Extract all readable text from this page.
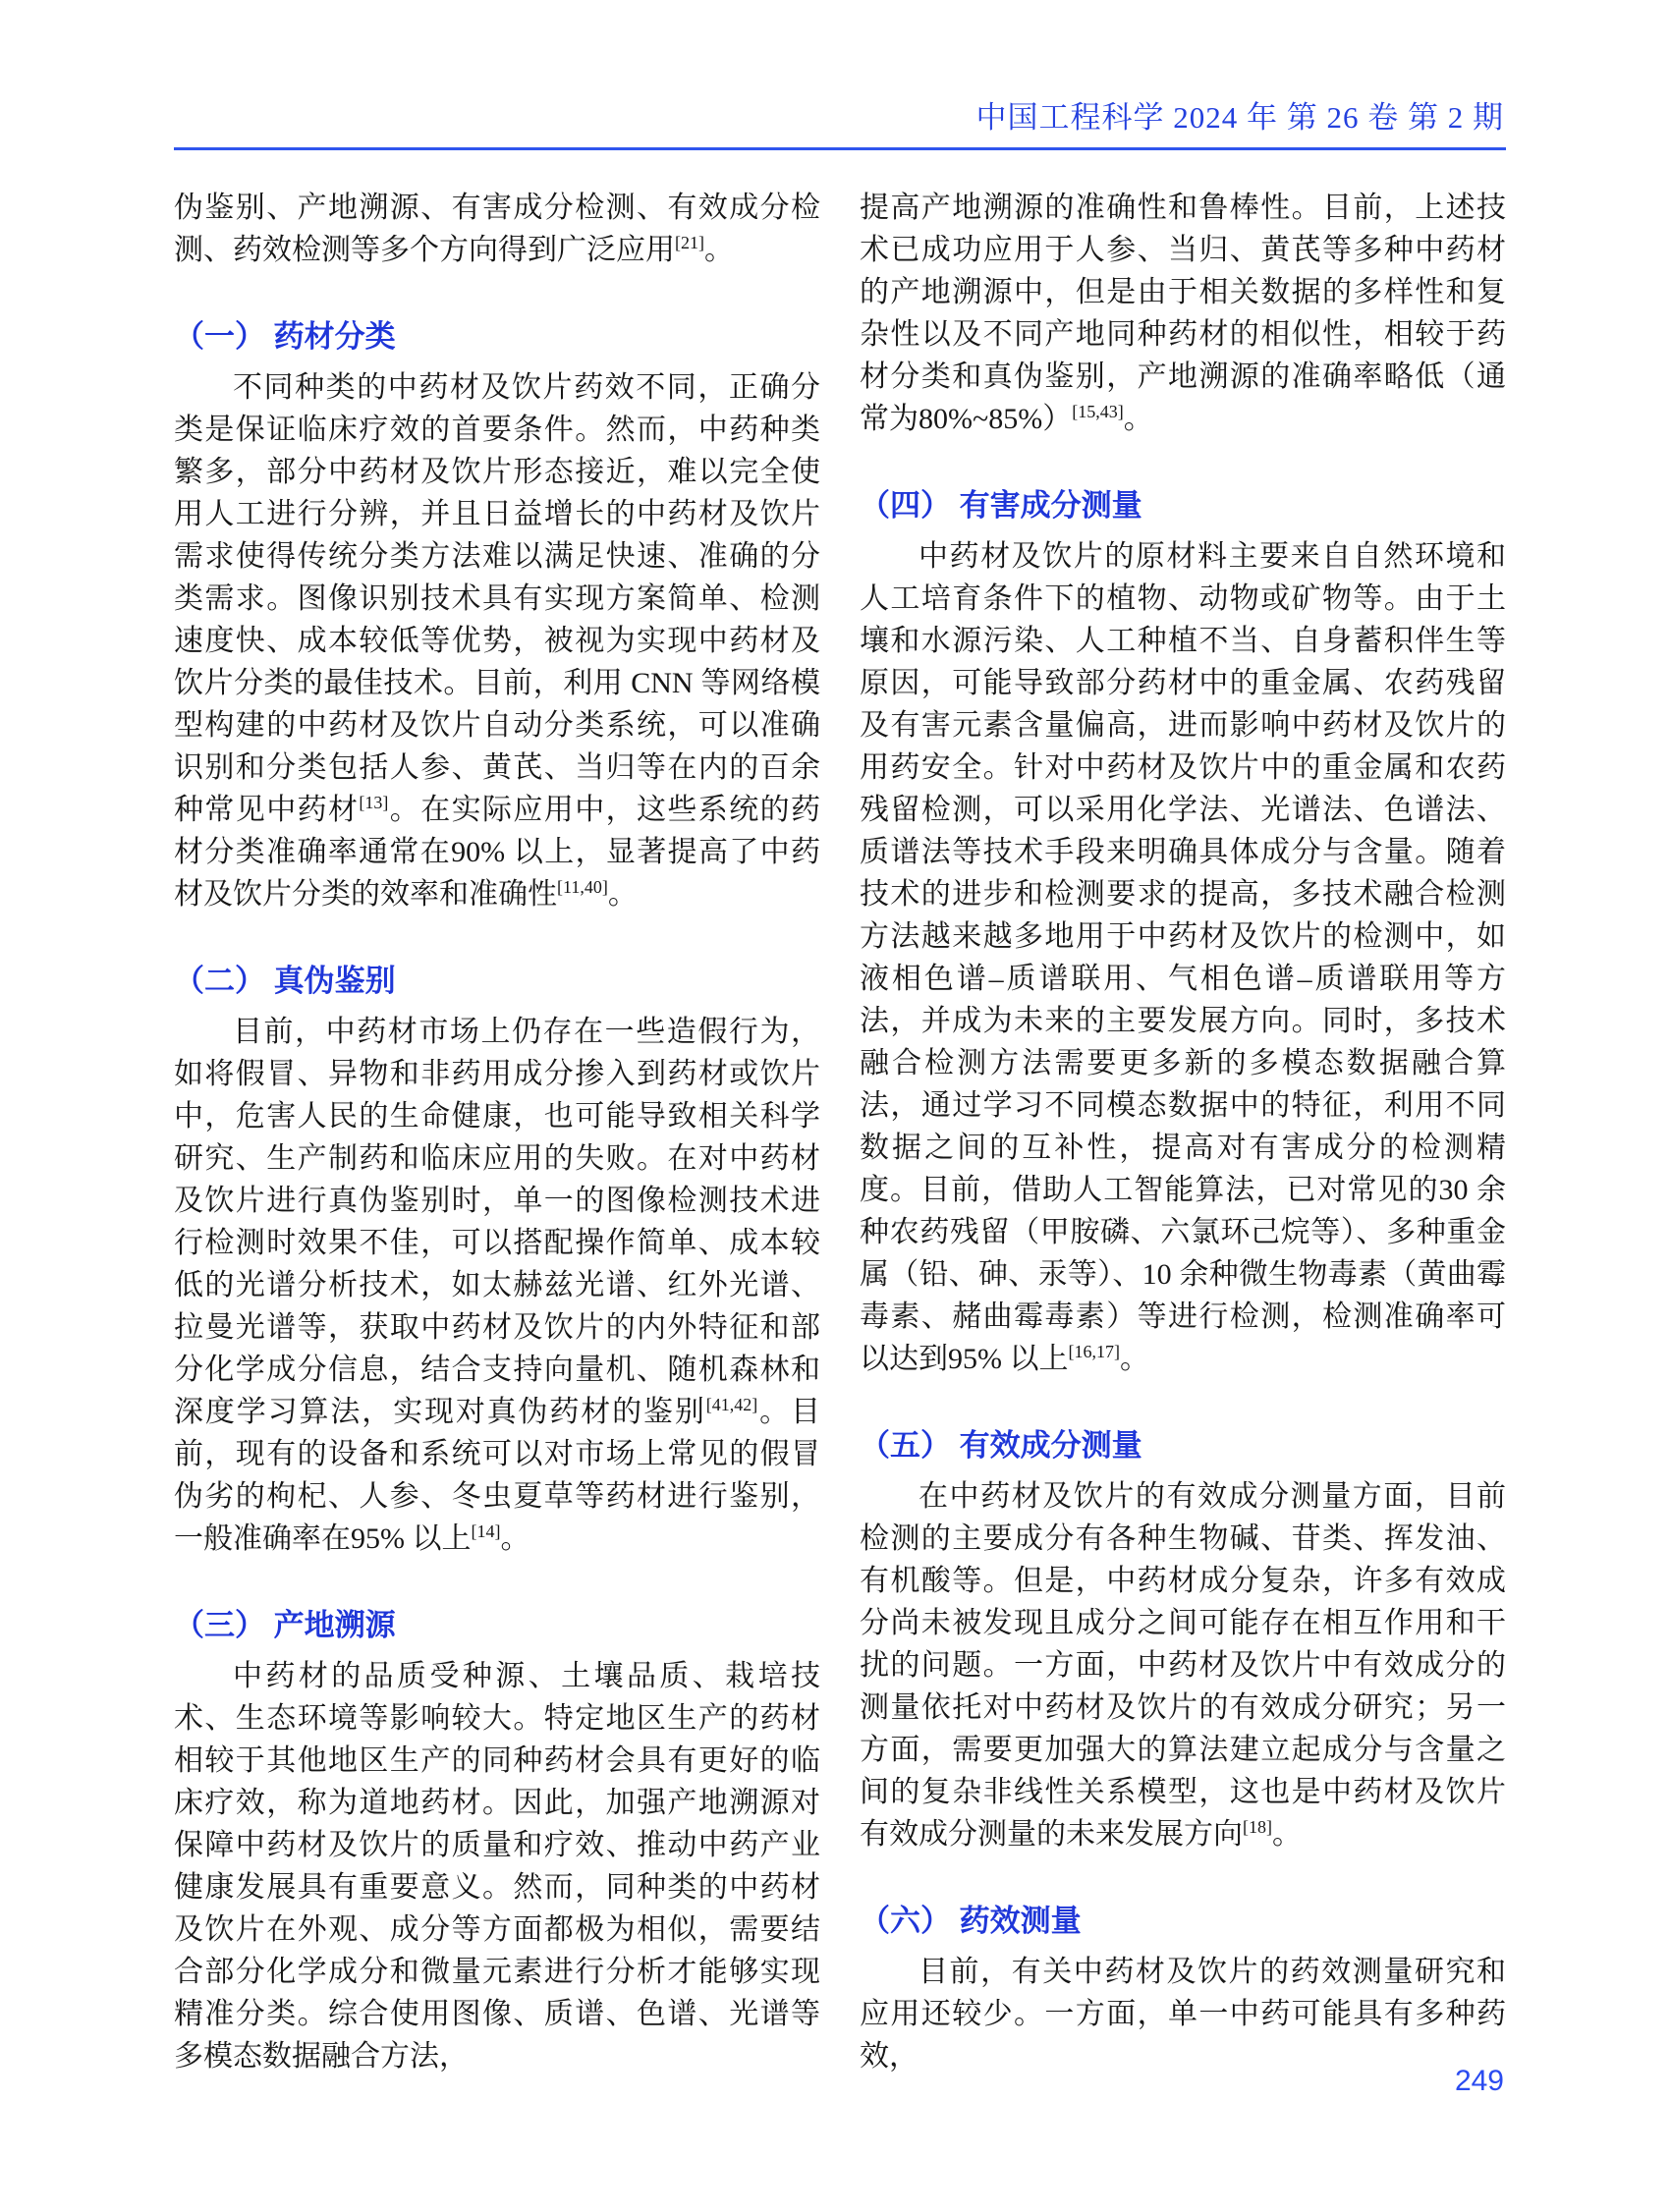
中国工程科学 2024 年 第 26 卷 第 2 期

伪鉴别、产地溯源、有害成分检测、有效成分检测、药效检测等多个方向得到广泛应用[21]。

（一） 药材分类

不同种类的中药材及饮片药效不同，正确分类是保证临床疗效的首要条件。然而，中药种类繁多，部分中药材及饮片形态接近，难以完全使用人工进行分辨，并且日益增长的中药材及饮片需求使得传统分类方法难以满足快速、准确的分类需求。图像识别技术具有实现方案简单、检测速度快、成本较低等优势，被视为实现中药材及饮片分类的最佳技术。目前，利用 CNN 等网络模型构建的中药材及饮片自动分类系统，可以准确识别和分类包括人参、黄芪、当归等在内的百余种常见中药材[13]。在实际应用中，这些系统的药材分类准确率通常在90% 以上，显著提高了中药材及饮片分类的效率和准确性[11,40]。

（二） 真伪鉴别

目前，中药材市场上仍存在一些造假行为，如将假冒、异物和非药用成分掺入到药材或饮片中，危害人民的生命健康，也可能导致相关科学研究、生产制药和临床应用的失败。在对中药材及饮片进行真伪鉴别时，单一的图像检测技术进行检测时效果不佳，可以搭配操作简单、成本较低的光谱分析技术，如太赫兹光谱、红外光谱、拉曼光谱等，获取中药材及饮片的内外特征和部分化学成分信息，结合支持向量机、随机森林和深度学习算法，实现对真伪药材的鉴别[41,42]。目前，现有的设备和系统可以对市场上常见的假冒伪劣的枸杞、人参、冬虫夏草等药材进行鉴别，一般准确率在95% 以上[14]。

（三） 产地溯源

中药材的品质受种源、土壤品质、栽培技术、生态环境等影响较大。特定地区生产的药材相较于其他地区生产的同种药材会具有更好的临床疗效，称为道地药材。因此，加强产地溯源对保障中药材及饮片的质量和疗效、推动中药产业健康发展具有重要意义。然而，同种类的中药材及饮片在外观、成分等方面都极为相似，需要结合部分化学成分和微量元素进行分析才能够实现精准分类。综合使用图像、质谱、色谱、光谱等多模态数据融合方法，

提高产地溯源的准确性和鲁棒性。目前，上述技术已成功应用于人参、当归、黄芪等多种中药材的产地溯源中，但是由于相关数据的多样性和复杂性以及不同产地同种药材的相似性，相较于药材分类和真伪鉴别，产地溯源的准确率略低（通常为80%~85%）[15,43]。

（四） 有害成分测量

中药材及饮片的原材料主要来自自然环境和人工培育条件下的植物、动物或矿物等。由于土壤和水源污染、人工种植不当、自身蓄积伴生等原因，可能导致部分药材中的重金属、农药残留及有害元素含量偏高，进而影响中药材及饮片的用药安全。针对中药材及饮片中的重金属和农药残留检测，可以采用化学法、光谱法、色谱法、质谱法等技术手段来明确具体成分与含量。随着技术的进步和检测要求的提高，多技术融合检测方法越来越多地用于中药材及饮片的检测中，如液相色谱–质谱联用、气相色谱–质谱联用等方法，并成为未来的主要发展方向。同时，多技术融合检测方法需要更多新的多模态数据融合算法，通过学习不同模态数据中的特征，利用不同数据之间的互补性，提高对有害成分的检测精度。目前，借助人工智能算法，已对常见的30 余种农药残留（甲胺磷、六氯环己烷等）、多种重金属（铅、砷、汞等）、10 余种微生物毒素（黄曲霉毒素、赭曲霉毒素）等进行检测，检测准确率可以达到95% 以上[16,17]。

（五） 有效成分测量

在中药材及饮片的有效成分测量方面，目前检测的主要成分有各种生物碱、苷类、挥发油、有机酸等。但是，中药材成分复杂，许多有效成分尚未被发现且成分之间可能存在相互作用和干扰的问题。一方面，中药材及饮片中有效成分的测量依托对中药材及饮片的有效成分研究；另一方面，需要更加强大的算法建立起成分与含量之间的复杂非线性关系模型，这也是中药材及饮片有效成分测量的未来发展方向[18]。

（六） 药效测量

目前，有关中药材及饮片的药效测量研究和应用还较少。一方面，单一中药可能具有多种药效，

249
